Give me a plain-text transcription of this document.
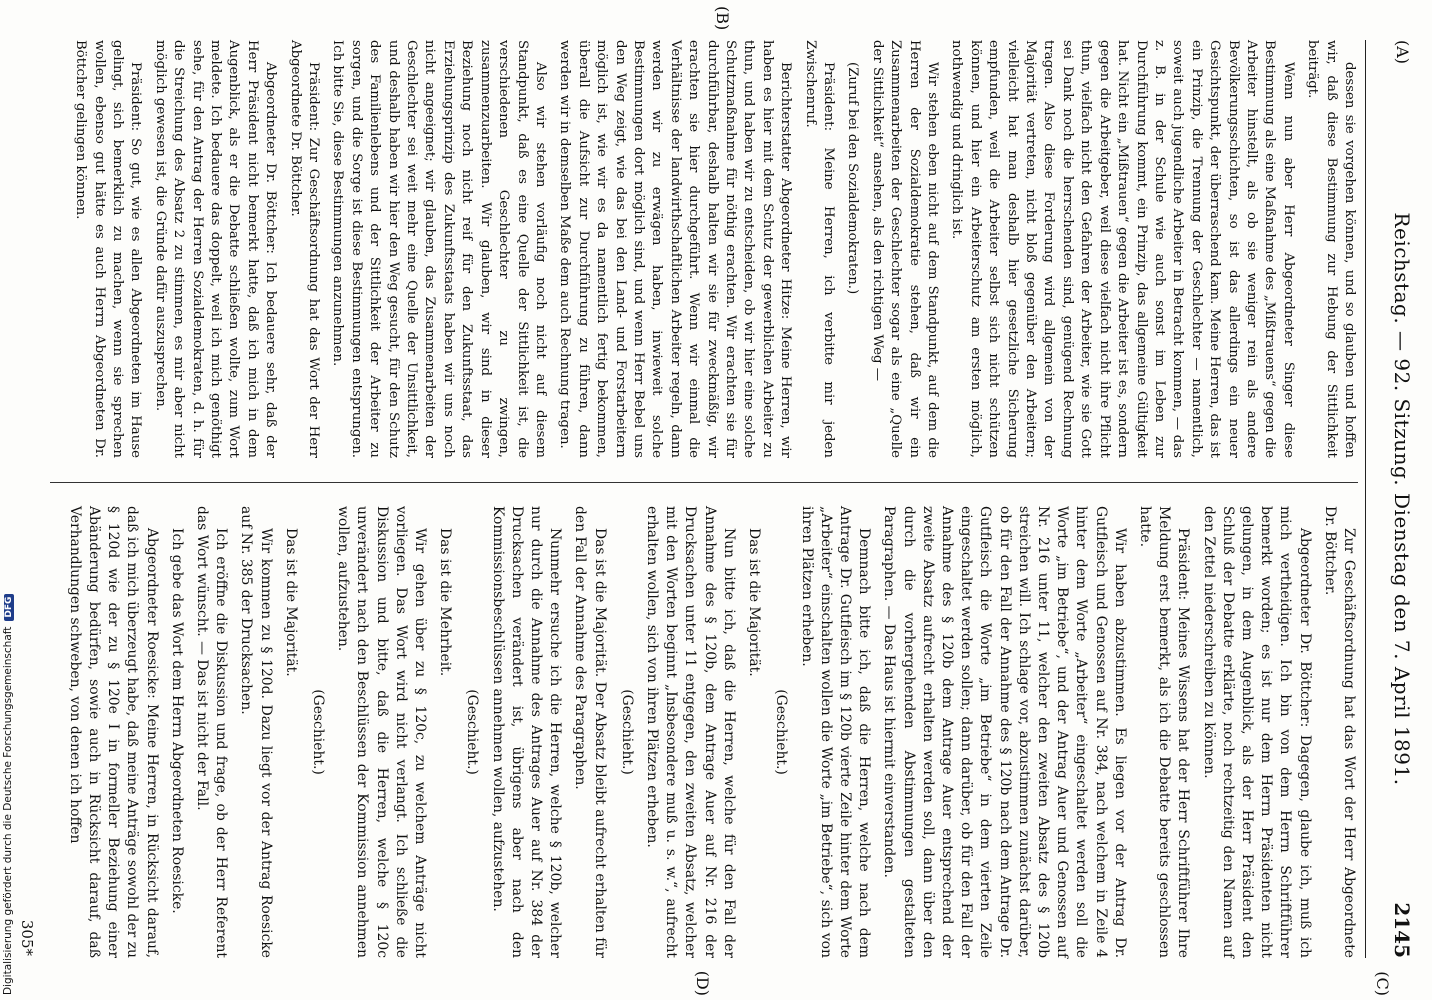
(A)
Reichstag. — 92. Sitzung. Dienstag den 7. April 1891.
2145
(C)
(B)
(D)

dessen sie vorgehen können, und so glauben und hoffen wir, daß diese Bestimmung zur Hebung der Sittlichkeit beiträgt.

Wenn nun aber Herr Abgeordneter Singer diese Bestimmung als eine Maßnahme des „Mißtrauens“ gegen die Arbeiter hinstellt, als ob sie weniger rein als andere Bevölkerungsschichten, so ist das allerdings ein neuer Gesichtspunkt, der überraschend kam. Meine Herren, das ist ein Prinzip, die Trennung der Geschlechter — namentlich, soweit auch jugendliche Arbeiter in Betracht kommen, — das z. B. in der Schule wie auch sonst im Leben zur Durchführung kommt, ein Prinzip, das allgemeine Gültigkeit hat. Nicht ein „Mißtrauen“ gegen die Arbeiter ist es, sondern gegen die Arbeitgeber, weil diese vielfach nicht ihre Pflicht thun, vielfach nicht den Gefahren der Arbeiter, wie sie Gott sei Dank noch die herrschenden sind, genügend Rechnung tragen. Also diese Forderung wird allgemein von der Majorität vertreten, nicht bloß gegenüber den Arbeitern; vielleicht hat man deshalb hier gesetzliche Sicherung empfunden, weil die Arbeiter selbst sich nicht schützen können, und hier ein Arbeiterschutz am ersten möglich, nothwendig und dringlich ist.

Wir stehen eben nicht auf dem Standpunkt, auf dem die Herren der Sozialdemokratie stehen, daß wir ein Zusammenarbeiten der Geschlechter sogar als eine „Quelle der Sittlichkeit“ ansehen, als den richtigen Weg —

(Zuruf bei den Sozialdemokraten.)

Präsident: Meine Herren, ich verbitte mir jeden Zwischenruf.

Berichterstatter Abgeordneter Hitze: Meine Herren, wir haben es hier mit dem Schutz der gewerblichen Arbeiter zu thun, und haben wir zu entscheiden, ob wir hier eine solche Schutzmaßnahme für nöthig erachten. Wir erachten sie für durchführbar, deshalb halten wir sie für zweckmäßig, wir erachten sie hier durchgeführt. Wenn wir einmal die Verhältnisse der landwirthschaftlichen Arbeiter regeln, dann werden wir zu erwägen haben, inwieweit solche Bestimmungen dort möglich sind, und wenn Herr Bebel uns den Weg zeigt, wie das bei den Land- und Forstarbeitern möglich ist, wie wir es da namentlich fertig bekommen, überall die Aufsicht zur Durchführung zu führen, dann werden wir in demselben Maße dem auch Rechnung tragen.

Also wir stehen vorläufig noch nicht auf diesem Standpunkt, daß es eine Quelle der Sittlichkeit ist, die verschiedenen Geschlechter zu zwingen, zusammenzuarbeiten. Wir glauben, wir sind in dieser Beziehung noch nicht reif für den Zukunftsstaat, das Erziehungsprinzip des Zukunftsstaats haben wir uns noch nicht angeeignet; wir glauben, das Zusammenarbeiten der Geschlechter sei weit mehr eine Quelle der Unsittlichkeit, und deshalb haben wir hier den Weg gesucht, für den Schutz des Familienlebens und der Sittlichkeit der Arbeiter zu sorgen, und die Sorge ist diese Bestimmungen entsprungen. Ich bitte Sie, diese Bestimmungen anzunehmen.

Präsident: Zur Geschäftsordnung hat das Wort der Herr Abgeordnete Dr. Böttcher.

Abgeordneter Dr. Böttcher: Ich bedauere sehr, daß der Herr Präsident nicht bemerkt hatte, daß ich mich in dem Augenblick, als er die Debatte schließen wollte, zum Wort meldete. Ich bedauere das doppelt, weil ich mich genöthigt sehe, für den Antrag der Herren Sozialdemokraten, d. h. für die Streichung des Absatz 2 zu stimmen, es mir aber nicht möglich gewesen ist, die Gründe dafür auszusprechen.

Präsident: So gut, wie es allen Abgeordneten im Hause gelingt, sich bemerklich zu machen, wenn sie sprechen wollen, ebenso gut hätte es auch Herrn Abgeordneten Dr. Böttcher gelingen können.

Zur Geschäftsordnung hat das Wort der Herr Abgeordnete Dr. Böttcher.

Abgeordneter Dr. Böttcher: Dagegen, glaube ich, muß ich mich vertheidigen. Ich bin von dem Herrn Schriftführer bemerkt worden; es ist nur dem Herrn Präsidenten nicht gelungen, in dem Augenblick, als der Herr Präsident den Schluß der Debatte erklärte, noch rechtzeitig den Namen auf den Zettel niederschreiben zu können.

Präsident: Meines Wissens hat der Herr Schriftführer Ihre Meldung erst bemerkt, als ich die Debatte bereits geschlossen hatte.

Wir haben abzustimmen. Es liegen vor der Antrag Dr. Gutfleisch und Genossen auf Nr. 384, nach welchem in Zeile 4 hinter dem Worte „Arbeiter“ eingeschaltet werden soll die Worte „im Betriebe“, und der Antrag Auer und Genossen auf Nr. 216 unter 11, welcher den zweiten Absatz des § 120b streichen will. Ich schlage vor, abzustimmen zunächst darüber, ob für den Fall der Annahme des § 120b nach dem Antrage Dr. Gutfleisch die Worte „im Betriebe“ in dem vierten Zeile eingeschaltet werden sollen; dann darüber, ob für den Fall der Annahme des § 120b dem Antrage Auer entsprechend der zweite Absatz aufrecht erhalten werden soll, dann über den durch die vorhergehenden Abstimmungen gestalteten Paragraphen. — Das Haus ist hiermit einverstanden.

Demnach bitte ich, daß die Herren, welche nach dem Antrage Dr. Gutfleisch im § 120b vierte Zeile hinter dem Worte „Arbeiter“ einschalten wollen die Worte „im Betriebe“, sich von ihren Plätzen erheben.

(Geschieht.)

Das ist die Majorität.

Nun bitte ich, daß die Herren, welche für den Fall der Annahme des § 120b, dem Antrage Auer auf Nr. 216 der Drucksachen unter 11 entgegen, den zweiten Absatz, welcher mit den Worten beginnt „Insbesondere muß u. s. w.“, aufrecht erhalten wollen, sich von ihren Plätzen erheben.

(Geschieht.)

Das ist die Majorität. Der Absatz bleibt aufrecht erhalten für den Fall der Annahme des Paragraphen.

Nunmehr ersuche ich die Herren, welche § 120b, welcher nur durch die Annahme des Antrages Auer auf Nr. 384 der Drucksachen verändert ist, übrigens aber nach den Kommissionsbeschlüssen annehmen wollen, aufzustehen.

(Geschieht.)

Das ist die Mehrheit.

Wir gehen über zu § 120c, zu welchem Anträge nicht vorliegen. Das Wort wird nicht verlangt. Ich schließe die Diskussion und bitte, daß die Herren, welche § 120c unverändert nach den Beschlüssen der Kommission annehmen wollen, aufzustehen.

(Geschieht.)

Das ist die Majorität.

Wir kommen zu § 120d. Dazu liegt vor der Antrag Roesicke auf Nr. 385 der Drucksachen.

Ich eröffne die Diskussion und frage, ob der Herr Referent das Wort wünscht. — Das ist nicht der Fall.

Ich gebe das Wort dem Herrn Abgeordneten Roesicke.

Abgeordneter Roesicke: Meine Herren, in Rücksicht darauf, daß ich mich überzeugt habe, daß meine Anträge sowohl der zu § 120d wie der zu § 120e I in formeller Beziehung einer Abänderung bedürfen, sowie auch in Rücksicht darauf, daß Verhandlungen schweben, von denen ich hoffen

305*
Digitalisierung gefördert durch die Deutsche ForschungsgemeinschaftDFG
